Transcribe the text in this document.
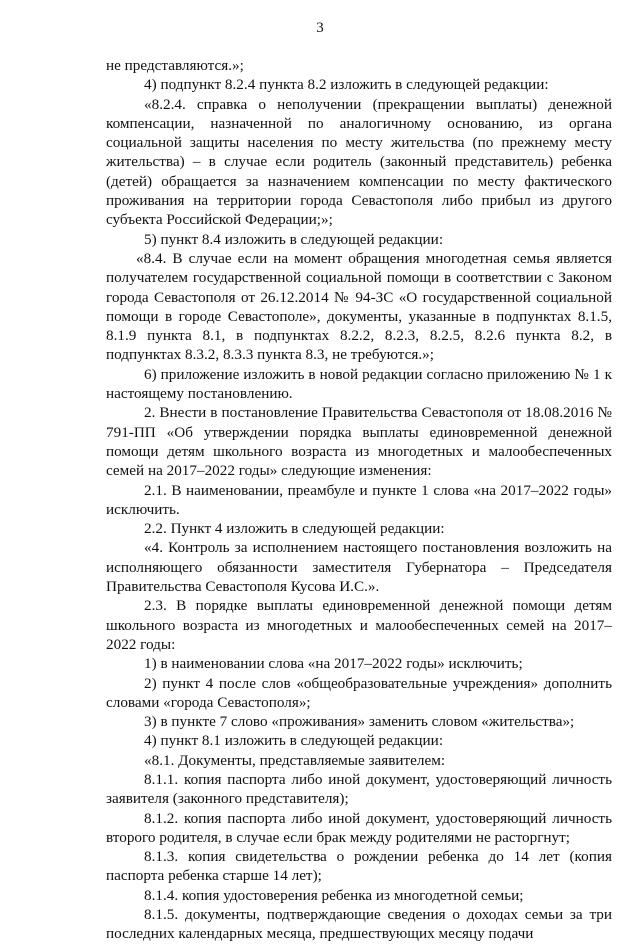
3

не представляются.»;

4) подпункт 8.2.4 пункта 8.2 изложить в следующей редакции:

«8.2.4. справка о неполучении (прекращении выплаты) денежной компенсации, назначенной по аналогичному основанию, из органа социальной защиты населения по месту жительства (по прежнему месту жительства) – в случае если родитель (законный представитель) ребенка (детей) обращается за назначением компенсации по месту фактического проживания на территории города Севастополя либо прибыл из другого субъекта Российской Федерации;»;

5) пункт 8.4 изложить в следующей редакции:

«8.4. В случае если на момент обращения многодетная семья является получателем государственной социальной помощи в соответствии с Законом города Севастополя от 26.12.2014 № 94-ЗС «О государственной социальной помощи в городе Севастополе», документы, указанные в подпунктах 8.1.5, 8.1.9 пункта 8.1, в подпунктах 8.2.2, 8.2.3, 8.2.5, 8.2.6 пункта 8.2, в подпунктах 8.3.2, 8.3.3 пункта 8.3, не требуются.»;

6) приложение изложить в новой редакции согласно приложению № 1 к настоящему постановлению.

2. Внести в постановление Правительства Севастополя от 18.08.2016 № 791-ПП «Об утверждении порядка выплаты единовременной денежной помощи детям школьного возраста из многодетных и малообеспеченных семей на 2017–2022 годы» следующие изменения:

2.1. В наименовании, преамбуле и пункте 1 слова «на 2017–2022 годы» исключить.

2.2. Пункт 4 изложить в следующей редакции:

«4. Контроль за исполнением настоящего постановления возложить на исполняющего обязанности заместителя Губернатора – Председателя Правительства Севастополя Кусова И.С.».

2.3. В порядке выплаты единовременной денежной помощи детям школьного возраста из многодетных и малообеспеченных семей на 2017–2022 годы:

1) в наименовании слова «на 2017–2022 годы» исключить;

2) пункт 4 после слов «общеобразовательные учреждения» дополнить словами «города Севастополя»;

3) в пункте 7 слово «проживания» заменить словом «жительства»;

4) пункт 8.1 изложить в следующей редакции:

«8.1. Документы, представляемые заявителем:

8.1.1. копия паспорта либо иной документ, удостоверяющий личность заявителя (законного представителя);

8.1.2. копия паспорта либо иной документ, удостоверяющий личность второго родителя, в случае если брак между родителями не расторгнут;

8.1.3. копия свидетельства о рождении ребенка до 14 лет (копия паспорта ребенка старше 14 лет);

8.1.4. копия удостоверения ребенка из многодетной семьи;

8.1.5. документы, подтверждающие сведения о доходах семьи за три последних календарных месяца, предшествующих месяцу подачи
